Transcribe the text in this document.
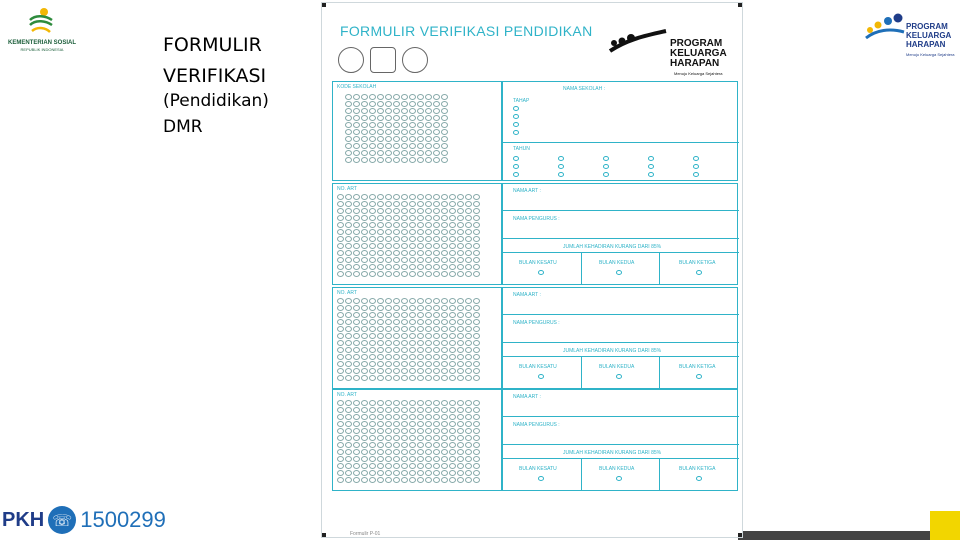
KEMENTERIAN SOSIAL
REPUBLIK INDONESIA	FORMULIR
VERIFIKASI
(Pendidikan)
DMR
PKH ☏ 1500299
PROGRAM
KELUARGA
HARAPAN
Menuju Keluarga Sejahtera
FORMULIR VERIFIKASI PENDIDIKAN
PROGRAM
KELUARGA
HARAPAN
Menuju Keluarga Sejahtera
KODE SEKOLAH	NAMA SEKOLAH :
TAHAP
TAHUN
NO. ART	NAMA ART :
NAMA PENGURUS :
JUMLAH KEHADIRAN KURANG DARI 85%
BULAN KESATU	BULAN KEDUA	BULAN KETIGA
NO. ART	NAMA ART :
NAMA PENGURUS :
JUMLAH KEHADIRAN KURANG DARI 85%
BULAN KESATU	BULAN KEDUA	BULAN KETIGA
NO. ART	NAMA ART :
NAMA PENGURUS :
JUMLAH KEHADIRAN KURANG DARI 85%
BULAN KESATU	BULAN KEDUA	BULAN KETIGA
Formulir P-01
